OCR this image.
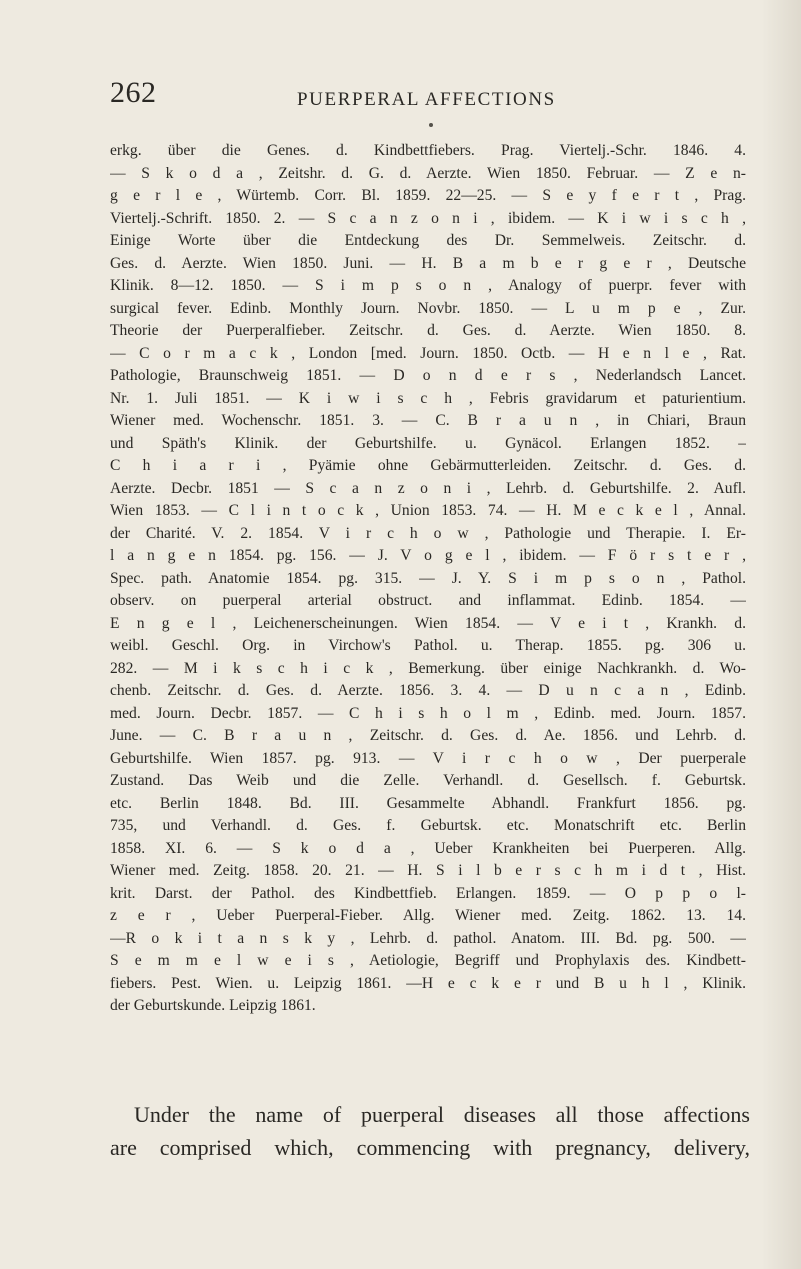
262	PUERPERAL AFFECTIONS
erkg. über die Genes. d. Kindbettfiebers. Prag. Viertelj.-Schr. 1846. 4.
— S k o d a , Zeitshr. d. G. d. Aerzte. Wien 1850. Februar. — Z e n-
g e r l e , Würtemb. Corr. Bl. 1859. 22—25. — S e y f e r t , Prag.
Viertelj.-Schrift. 1850. 2. — S c a n z o n i , ibidem. — K i w i s c h ,
Einige Worte über die Entdeckung des Dr. Semmelweis. Zeitschr. d.
Ges. d. Aerzte. Wien 1850. Juni. — H. B a m b e r g e r , Deutsche
Klinik. 8—12. 1850. — S i m p s o n , Analogy of puerpr. fever with
surgical fever. Edinb. Monthly Journ. Novbr. 1850. — L u m p e , Zur.
Theorie der Puerperalfieber. Zeitschr. d. Ges. d. Aerzte. Wien 1850. 8.
— C o r m a c k , London [med. Journ. 1850. Octb. — H e n l e , Rat.
Pathologie, Braunschweig 1851. — D o n d e r s , Nederlandsch Lancet.
Nr. 1. Juli 1851. — K i w i s c h , Febris gravidarum et paturientium.
Wiener med. Wochenschr. 1851. 3. — C. B r a u n , in Chiari, Braun
und Späth's Klinik. der Geburtshilfe. u. Gynäcol. Erlangen 1852. –
C h i a r i , Pyämie ohne Gebärmutterleiden. Zeitschr. d. Ges. d.
Aerzte. Decbr. 1851 — S c a n z o n i , Lehrb. d. Geburtshilfe. 2. Aufl.
Wien 1853. — C l i n t o c k , Union 1853. 74. — H. M e c k e l , Annal.
der Charité. V. 2. 1854. V i r c h o w , Pathologie und Therapie. I. Er-
l a n g e n 1854. pg. 156. — J. V o g e l , ibidem. — F ö r s t e r ,
Spec. path. Anatomie 1854. pg. 315. — J. Y. S i m p s o n , Pathol.
observ. on puerperal arterial obstruct. and inflammat. Edinb. 1854. —
E n g e l , Leichenerscheinungen. Wien 1854. — V e i t , Krankh. d.
weibl. Geschl. Org. in Virchow's Pathol. u. Therap. 1855. pg. 306 u.
282. — M i k s c h i c k , Bemerkung. über einige Nachkrankh. d. Wo-
chenb. Zeitschr. d. Ges. d. Aerzte. 1856. 3. 4. — D u n c a n , Edinb.
med. Journ. Decbr. 1857. — C h i s h o l m , Edinb. med. Journ. 1857.
June. — C. B r a u n , Zeitschr. d. Ges. d. Ae. 1856. und Lehrb. d.
Geburtshilfe. Wien 1857. pg. 913. — V i r c h o w , Der puerperale
Zustand. Das Weib und die Zelle. Verhandl. d. Gesellsch. f. Geburtsk.
etc. Berlin 1848. Bd. III. Gesammelte Abhandl. Frankfurt 1856. pg.
735, und Verhandl. d. Ges. f. Geburtsk. etc. Monatschrift etc. Berlin
1858. XI. 6. — S k o d a , Ueber Krankheiten bei Puerperen. Allg.
Wiener med. Zeitg. 1858. 20. 21. — H. S i l b e r s c h m i d t , Hist.
krit. Darst. der Pathol. des Kindbettfieb. Erlangen. 1859. — O p p o l-
z e r , Ueber Puerperal-Fieber. Allg. Wiener med. Zeitg. 1862. 13. 14.
—R o k i t a n s k y , Lehrb. d. pathol. Anatom. III. Bd. pg. 500. —
S e m m e l w e i s , Aetiologie, Begriff und Prophylaxis des. Kindbett-
fiebers. Pest. Wien. u. Leipzig 1861. —H e c k e r und B u h l , Klinik.
der Geburtskunde. Leipzig 1861.
Under the name of puerperal diseases all those affections
are comprised which, commencing with pregnancy, delivery,
